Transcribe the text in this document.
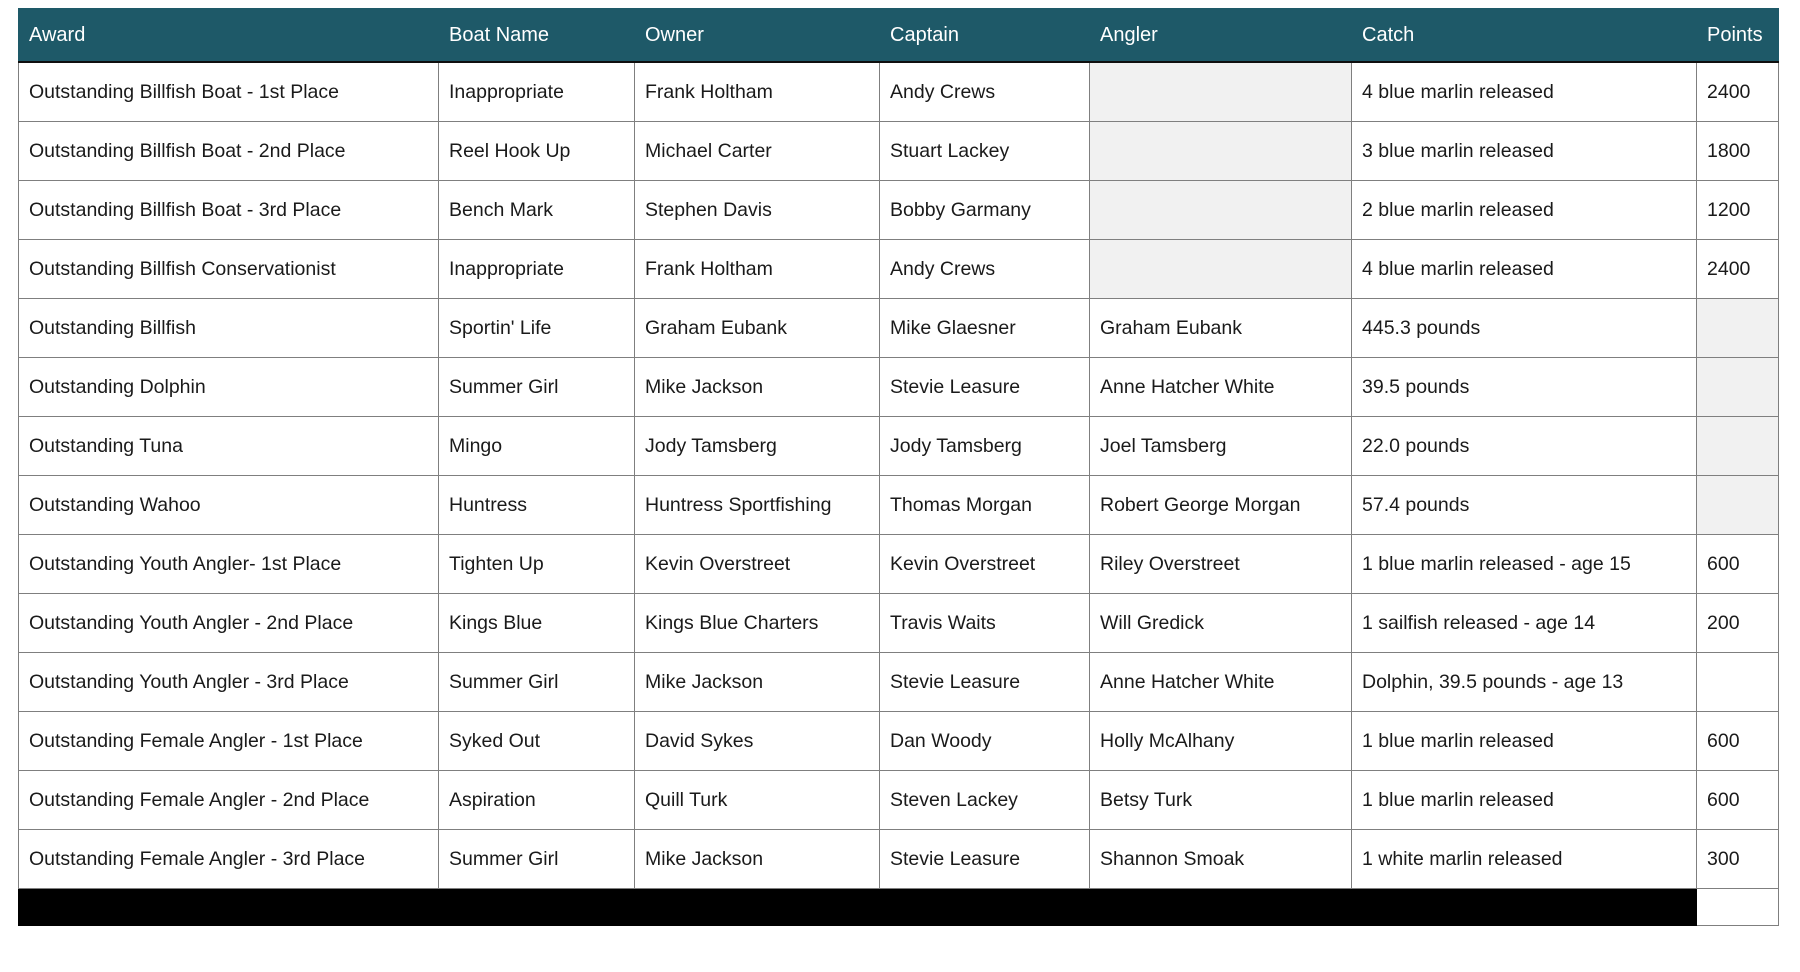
Award	Boat Name	Owner	Captain	Angler	Catch	Points
Outstanding Billfish Boat - 1st Place	Inappropriate	Frank Holtham	Andy Crews		4 blue marlin released	2400
Outstanding Billfish Boat - 2nd Place	Reel Hook Up	Michael Carter	Stuart Lackey		3 blue marlin released	1800
Outstanding Billfish Boat - 3rd Place	Bench Mark	Stephen Davis	Bobby Garmany		2 blue marlin released	1200
Outstanding Billfish Conservationist	Inappropriate	Frank Holtham	Andy Crews		4 blue marlin released	2400
Outstanding Billfish	Sportin' Life	Graham Eubank	Mike Glaesner	Graham Eubank	445.3 pounds	
Outstanding Dolphin	Summer Girl	Mike Jackson	Stevie Leasure	Anne Hatcher White	39.5 pounds	
Outstanding Tuna	Mingo	Jody Tamsberg	Jody Tamsberg	Joel Tamsberg	22.0 pounds	
Outstanding Wahoo	Huntress	Huntress Sportfishing	Thomas Morgan	Robert George Morgan	57.4 pounds	
Outstanding Youth Angler- 1st Place	Tighten Up	Kevin Overstreet	Kevin Overstreet	Riley Overstreet	1 blue marlin released - age 15	600
Outstanding Youth Angler - 2nd Place	Kings Blue	Kings Blue Charters	Travis Waits	Will Gredick	1 sailfish released - age 14	200
Outstanding Youth Angler - 3rd Place	Summer Girl	Mike Jackson	Stevie Leasure	Anne Hatcher White	Dolphin, 39.5 pounds - age 13	
Outstanding Female Angler - 1st Place	Syked Out	David Sykes	Dan Woody	Holly McAlhany	1 blue marlin released	600
Outstanding Female Angler - 2nd Place	Aspiration	Quill Turk	Steven Lackey	Betsy Turk	1 blue marlin released	600
Outstanding Female Angler - 3rd Place	Summer Girl	Mike Jackson	Stevie Leasure	Shannon Smoak	1 white marlin released	300
